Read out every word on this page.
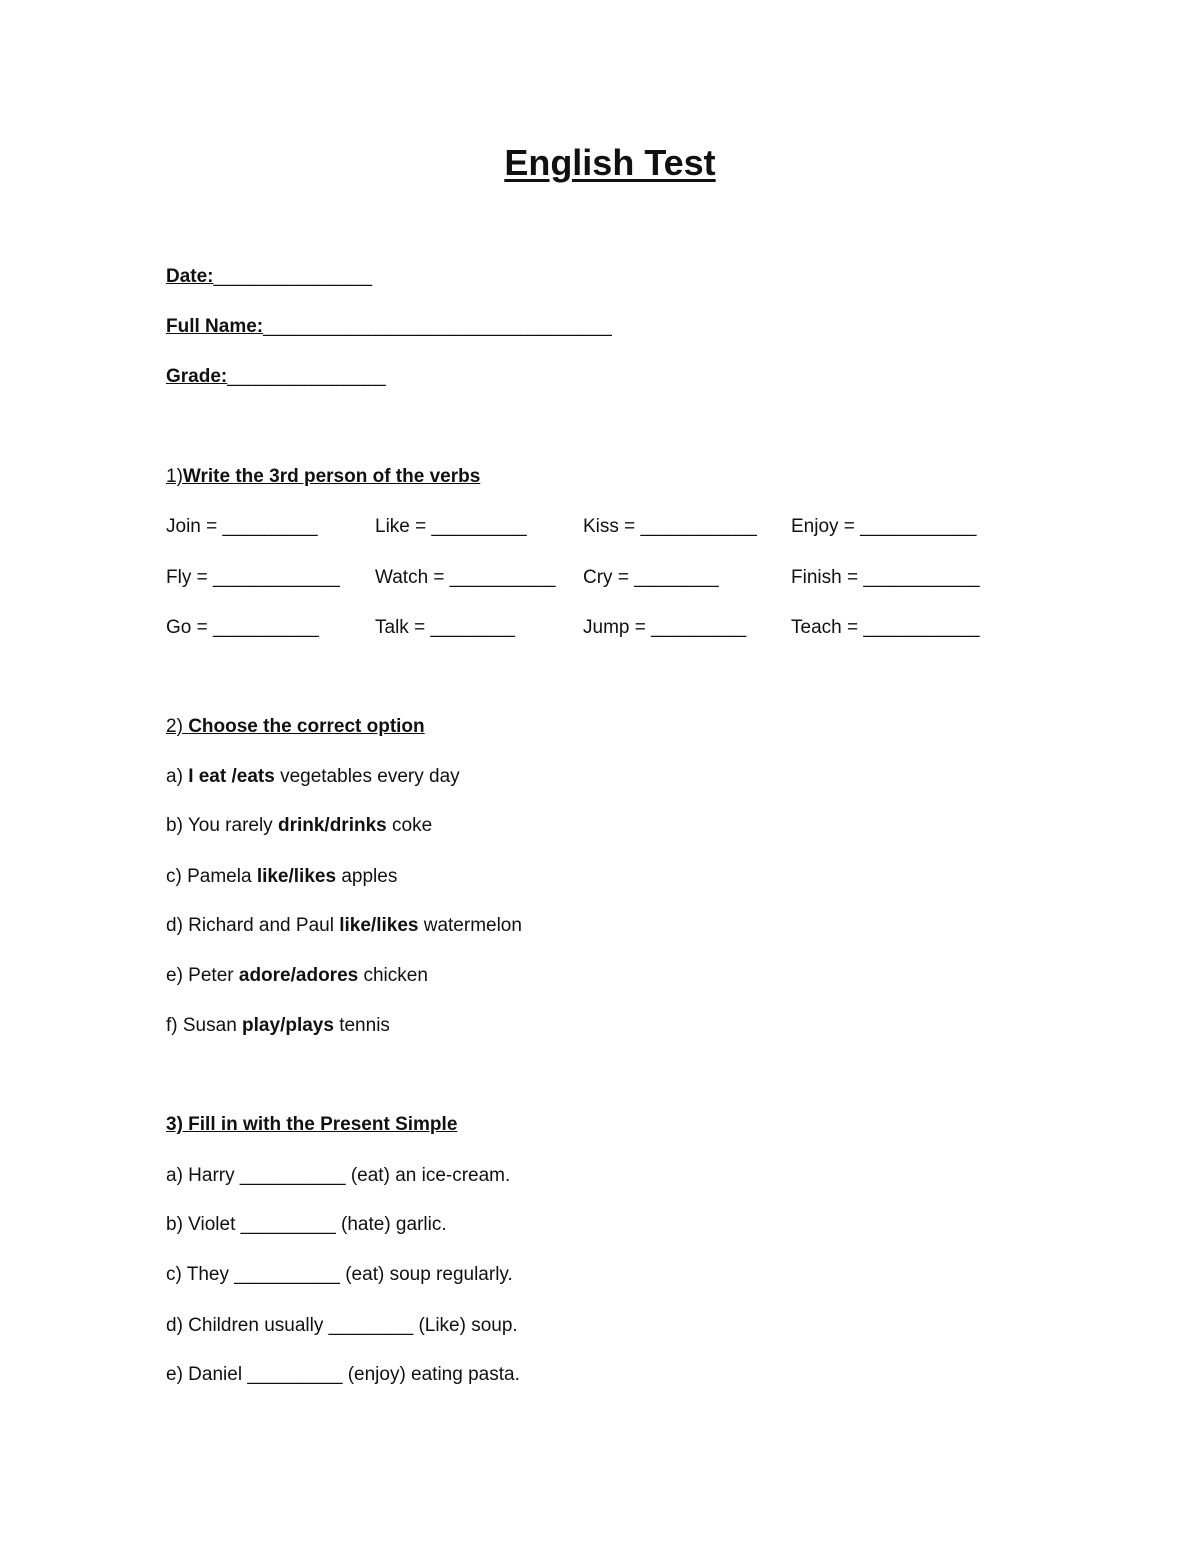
English Test
Date:_______________
Full Name:_________________________________
Grade:_______________
1)Write the 3rd person of the verbs
Join = _________	Like = _________	Kiss = ___________ Enjoy = ___________
Fly = ____________ Watch = __________ Cry = ________	Finish = ___________
Go = __________	Talk = ________	Jump = _________ Teach = ___________
2) Choose the correct option
a) I eat /eats vegetables every day
b) You rarely drink/drinks coke
c) Pamela like/likes apples
d) Richard and Paul like/likes watermelon
e) Peter adore/adores chicken
f) Susan play/plays tennis
3) Fill in with the Present Simple
a) Harry __________ (eat) an ice-cream.
b) Violet _________ (hate) garlic.
c) They __________ (eat) soup regularly.
d) Children usually ________ (Like) soup.
e) Daniel _________ (enjoy) eating pasta.
